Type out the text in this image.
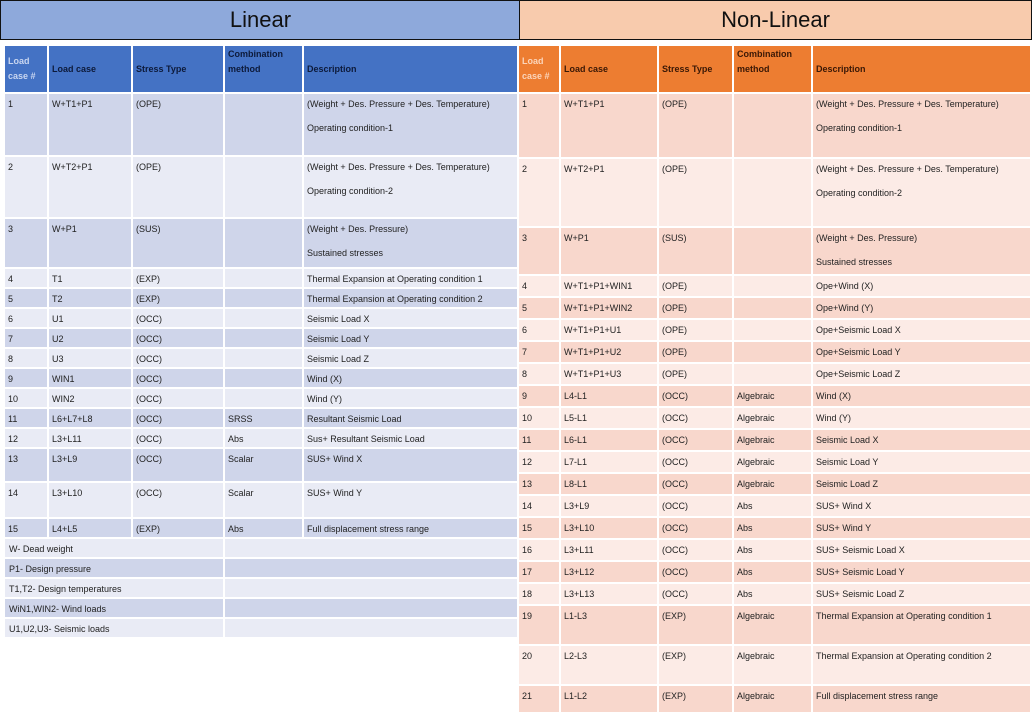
Linear	Non-Linear
Load case #	Load case	Stress Type	Combination method	Description
1	W+T1+P1	(OPE)		(Weight + Des. Pressure + Des. Temperature)
Operating condition-1

2	W+T2+P1	(OPE)		(Weight + Des. Pressure + Des. Temperature)
Operating condition-2

3	W+P1	(SUS)		(Weight + Des. Pressure)
Sustained stresses

4	T1	(EXP)		Thermal Expansion at Operating condition 1
5	T2	(EXP)		Thermal Expansion at Operating condition 2
6	U1	(OCC)		Seismic Load X
7	U2	(OCC)		Seismic Load Y
8	U3	(OCC)		Seismic Load Z
9	WIN1	(OCC)		Wind (X)
10	WIN2	(OCC)		Wind (Y)
11	L6+L7+L8	(OCC)	SRSS	Resultant Seismic Load
12	L3+L11	(OCC)	Abs	Sus+ Resultant Seismic Load
13	L3+L9	(OCC)	Scalar	SUS+ Wind X
14	L3+L10	(OCC)	Scalar	SUS+ Wind Y
15	L4+L5	(EXP)	Abs	Full displacement stress range
W- Dead weight				
P1- Design pressure				
T1,T2- Design temperatures				
WiN1,WIN2- Wind loads				
U1,U2,U3- Seismic loads				
Load case #	Load case	Stress Type	Combination method	Description
1	W+T1+P1	(OPE)		(Weight + Des. Pressure + Des. Temperature)
Operating condition-1

2	W+T2+P1	(OPE)		(Weight + Des. Pressure + Des. Temperature)
Operating condition-2

3	W+P1	(SUS)		(Weight + Des. Pressure)
Sustained stresses

4	W+T1+P1+WIN1	(OPE)		Ope+Wind (X)
5	W+T1+P1+WIN2	(OPE)		Ope+Wind (Y)
6	W+T1+P1+U1	(OPE)		Ope+Seismic Load X
7	W+T1+P1+U2	(OPE)		Ope+Seismic Load Y
8	W+T1+P1+U3	(OPE)		Ope+Seismic Load Z
9	L4-L1	(OCC)	Algebraic	Wind (X)
10	L5-L1	(OCC)	Algebraic	Wind (Y)
11	L6-L1	(OCC)	Algebraic	Seismic Load X
12	L7-L1	(OCC)	Algebraic	Seismic Load Y
13	L8-L1	(OCC)	Algebraic	Seismic Load Z
14	L3+L9	(OCC)	Abs	SUS+ Wind X
15	L3+L10	(OCC)	Abs	SUS+ Wind Y
16	L3+L11	(OCC)	Abs	SUS+ Seismic Load X
17	L3+L12	(OCC)	Abs	SUS+ Seismic Load Y
18	L3+L13	(OCC)	Abs	SUS+ Seismic Load Z
19	L1-L3	(EXP)	Algebraic	Thermal Expansion at Operating condition 1
20	L2-L3	(EXP)	Algebraic	Thermal Expansion at Operating condition 2
21	L1-L2	(EXP)	Algebraic	Full displacement stress range
